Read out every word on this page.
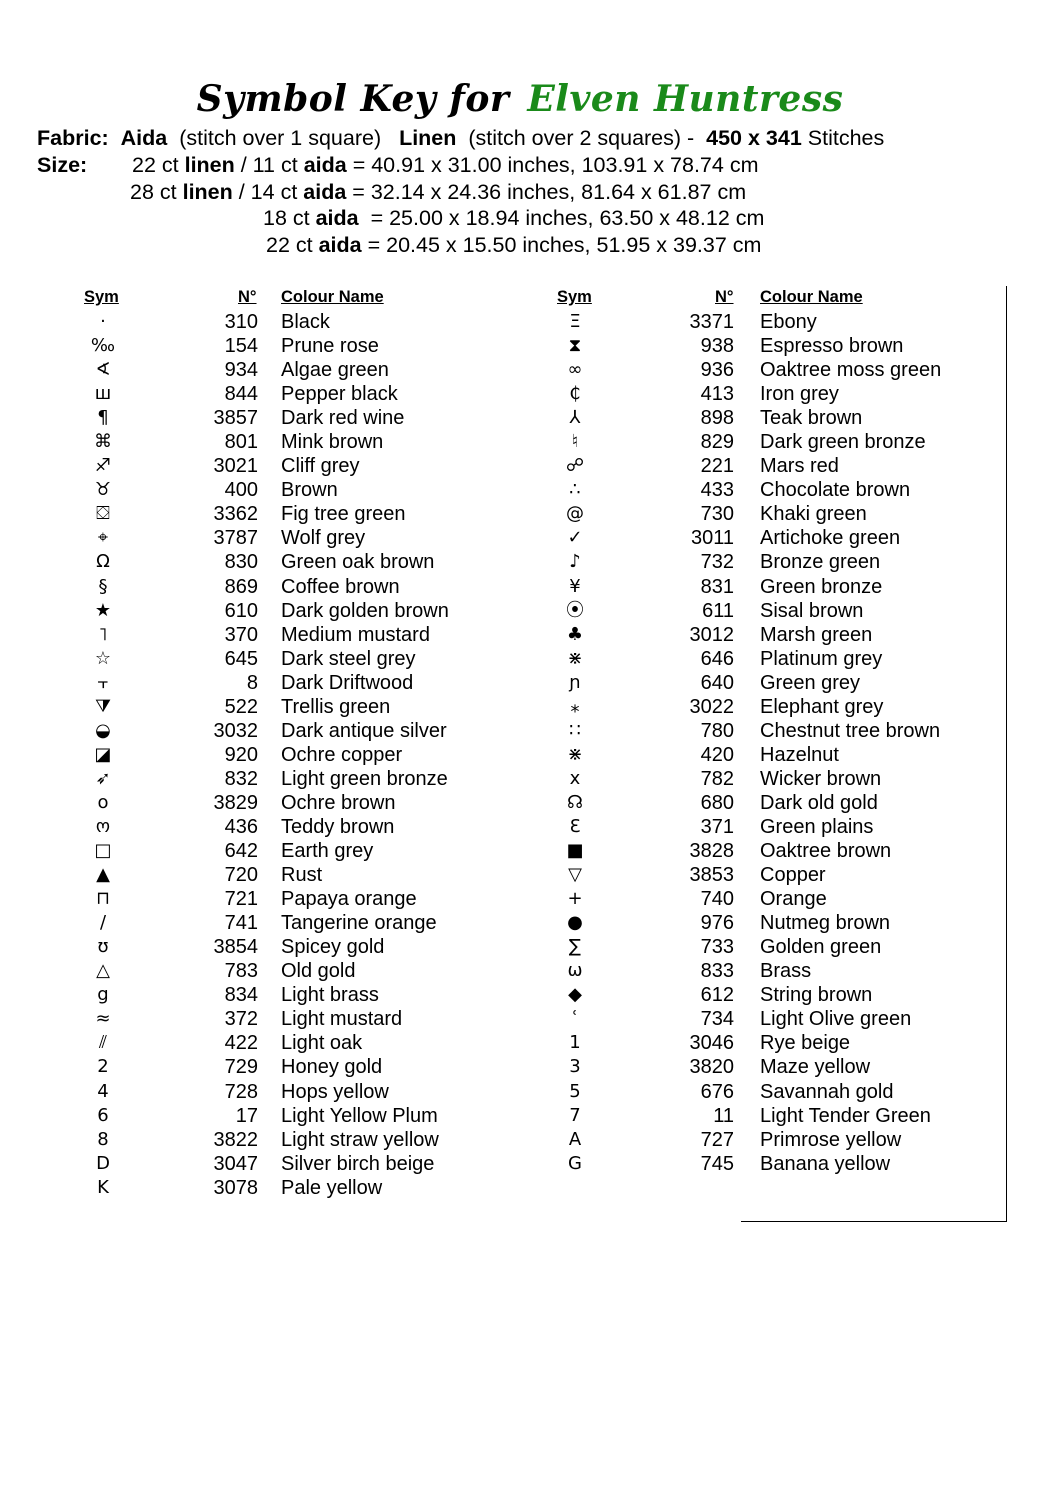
Symbol Key for Elven Huntress
Fabric: Aida (stitch over 1 square) Linen (stitch over 2 squares) - 450 x 341 Stitches
Size: 22 ct linen / 11 ct aida = 40.91 x 31.00 inches, 103.91 x 78.74 cm
28 ct linen / 14 ct aida = 32.14 x 24.36 inches, 81.64 x 61.87 cm
18 ct aida  = 25.00 x 18.94 inches, 63.50 x 48.12 cm
22 ct aida = 20.45 x 15.50 inches, 51.95 x 39.37 cm
Sym	N° Colour Name	Sym	N° Colour Name
·	310 Black
‰	154 Prune rose
∢	934 Algae green
ш	844 Pepper black
¶	3857 Dark red wine
⌘	801 Mink brown
♐	3021 Cliff grey
♉	400 Brown
⛋	3362 Fig tree green
⌖	3787 Wolf grey
Ω	830 Green oak brown
§	869 Coffee brown
★	610 Dark golden brown
˥	370 Medium mustard
☆	645 Dark steel grey
⫟	8 Dark Driftwood
⧩	522 Trellis green
◒	3032 Dark antique silver
◪	920 Ochre copper
➶	832 Light green bronze
o	3829 Ochre brown
ო	436 Teddy brown
□	642 Earth grey
▲	720 Rust
⊓	721 Papaya orange
/	741 Tangerine orange
ʊ	3854 Spicey gold
△	783 Old gold
g	834 Light brass
≈	372 Light mustard
⫽	422 Light oak
2	729 Honey gold
4	728 Hops yellow
6	17 Light Yellow Plum
8	3822 Light straw yellow
D	3047 Silver birch beige
K	3078 Pale yellow
Ξ	3371 Ebony
⧗	938 Espresso brown
∞	936 Oaktree moss green
₵	413 Iron grey
⅄	898 Teak brown
♮	829 Dark green bronze
☍	221 Mars red
∴	433 Chocolate brown
@	730 Khaki green
✓	3011 Artichoke green
♪	732 Bronze green
¥	831 Green bronze
⦿	611 Sisal brown
♣	3012 Marsh green
⋇	646 Platinum grey
ɲ	640 Green grey
⁎	3022 Elephant grey
∷	780 Chestnut tree brown
⋇	420 Hazelnut
x	782 Wicker brown
☊	680 Dark old gold
Ɛ	371 Green plains
■	3828 Oaktree brown
▽	3853 Copper
+	740 Orange
●	976 Nutmeg brown
∑	733 Golden green
ω	833 Brass
◆	612 String brown
ʿ	734 Light Olive green
1	3046 Rye beige
3	3820 Maze yellow
5	676 Savannah gold
7	11 Light Tender Green
A	727 Primrose yellow
G	745 Banana yellow
